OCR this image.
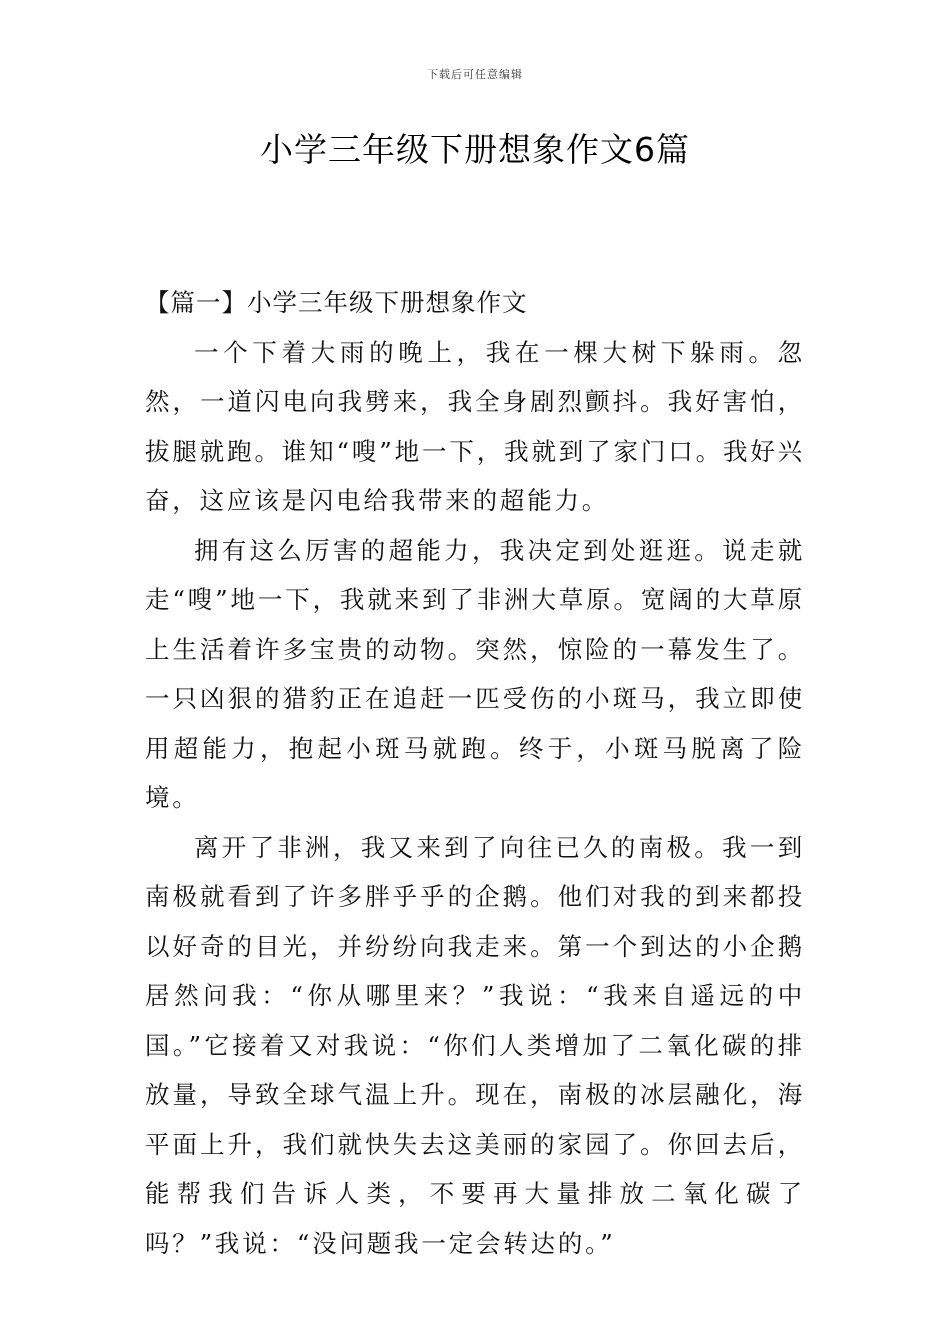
下载后可任意编辑
小学三年级下册想象作文6篇
【篇一】小学三年级下册想象作文

一个下着大雨的晚上，我在一棵大树下躲雨。忽然，一道闪电向我劈来，我全身剧烈颤抖。我好害怕，拔腿就跑。谁知“嗖”地一下，我就到了家门口。我好兴奋，这应该是闪电给我带来的超能力。

拥有这么厉害的超能力，我决定到处逛逛。说走就走“嗖”地一下，我就来到了非洲大草原。宽阔的大草原上生活着许多宝贵的动物。突然，惊险的一幕发生了。一只凶狠的猎豹正在追赶一匹受伤的小斑马，我立即使用超能力，抱起小斑马就跑。终于，小斑马脱离了险境。

离开了非洲，我又来到了向往已久的南极。我一到南极就看到了许多胖乎乎的企鹅。他们对我的到来都投以好奇的目光，并纷纷向我走来。第一个到达的小企鹅居然问我：“你从哪里来？”我说：“我来自遥远的中国。”它接着又对我说：“你们人类增加了二氧化碳的排放量，导致全球气温上升。现在，南极的冰层融化，海平面上升，我们就快失去这美丽的家园了。你回去后，能帮我们告诉人类，不要再大量排放二氧化碳了吗？”我说：“没问题我一定会转达的。”
